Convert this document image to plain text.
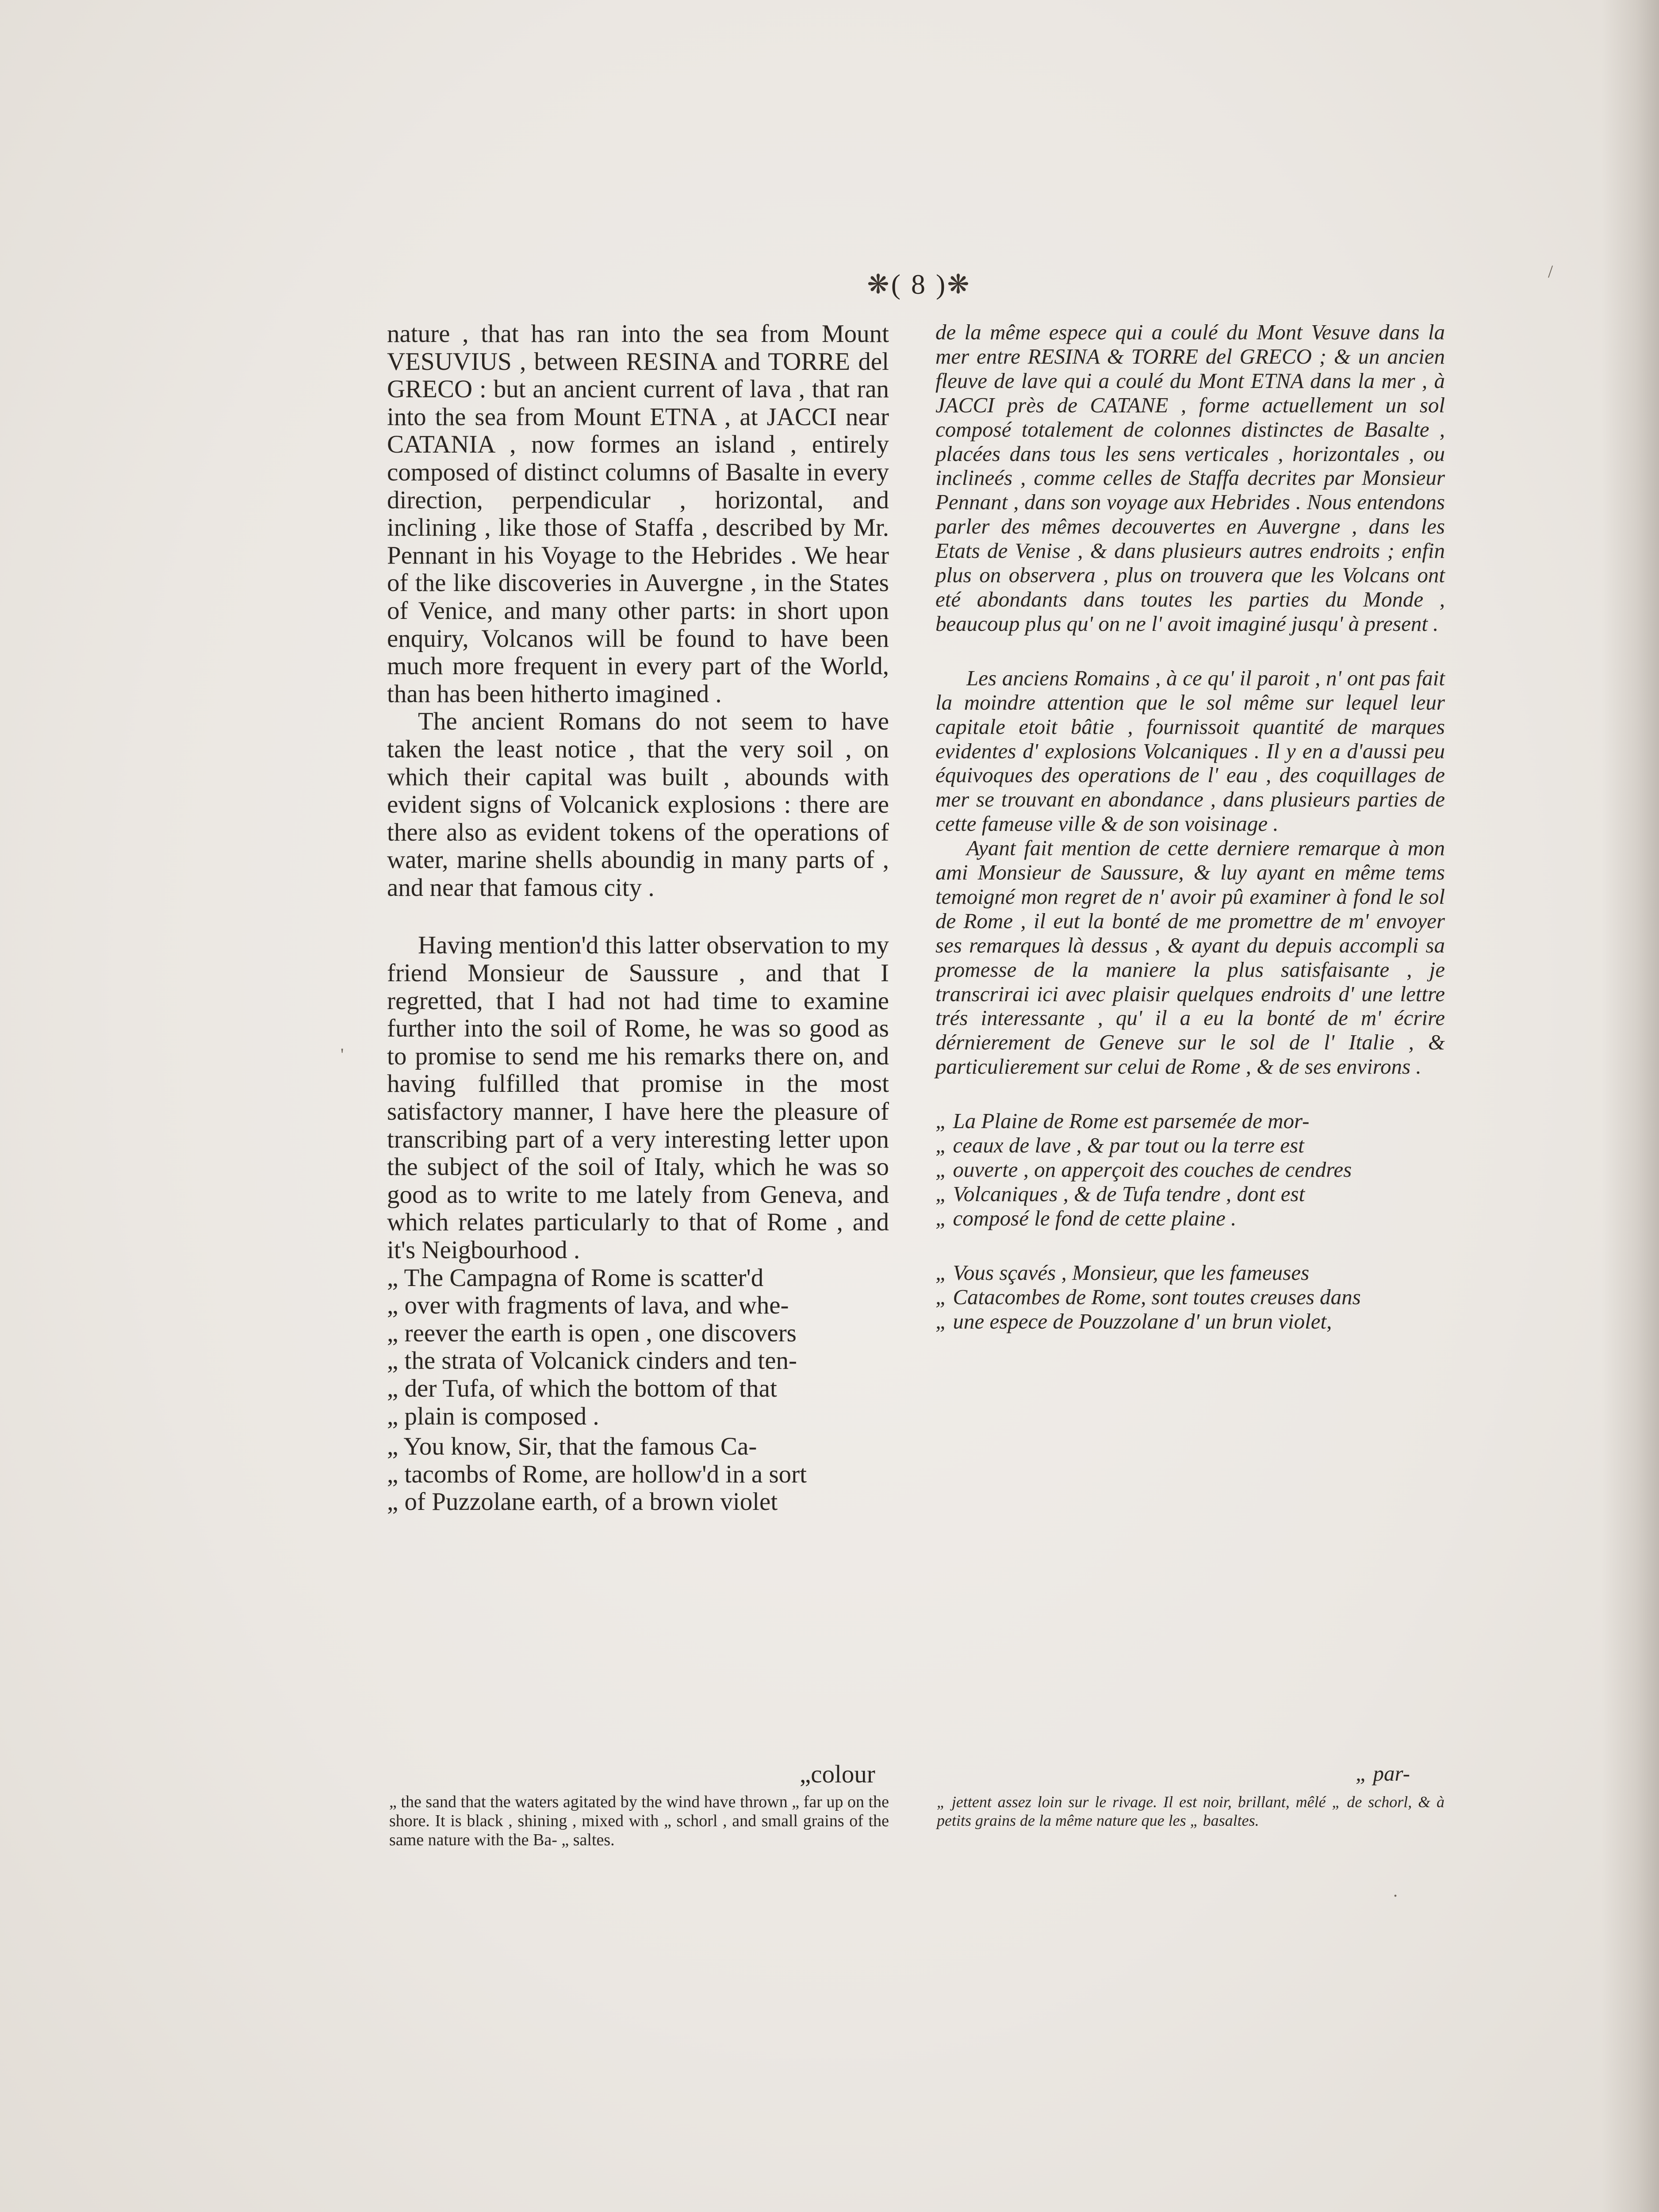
❋ ( 8 ) ❋

nature , that has ran into the sea from Mount VESUVIUS , between RESINA and TORRE del GRECO : but an ancient current of lava , that ran into the sea from Mount ETNA , at JACCI near CATANIA , now formes an island , entirely composed of distinct columns of Basalte in every direction, perpendicular , horizontal, and inclining , like those of Staffa , described by Mr. Pennant in his Voyage to the Hebrides . We hear of the like discoveries in Auvergne , in the States of Venice, and many other parts: in short upon enquiry, Volcanos will be found to have been much more frequent in every part of the World, than has been hitherto imagined .

The ancient Romans do not seem to have taken the least notice , that the very soil , on which their capital was built , abounds with evident signs of Volcanick explosions : there are there also as evident tokens of the operations of water, marine shells aboundig in many parts of , and near that famous city .

Having mention'd this latter observation to my friend Monsieur de Saussure , and that I regretted, that I had not had time to examine further into the soil of Rome, he was so good as to promise to send me his remarks there on, and having fulfilled that promise in the most satisfactory manner, I have here the pleasure of transcribing part of a very interesting letter upon the subject of the soil of Italy, which he was so good as to write to me lately from Geneva, and which relates particularly to that of Rome , and it's Neigbourhood .

„ The Campagna of Rome is scatter'd
„ over with fragments of lava, and whe-
„ reever the earth is open , one discovers
„ the strata of Volcanick cinders and ten-
„ der Tufa, of which the bottom of that
„ plain is composed .
„ You know, Sir, that the famous Ca-
„ tacombs of Rome, are hollow'd in a sort
„ of Puzzolane earth, of a brown violet
„colour
„ the sand that the waters agitated by the wind have thrown „ far up on the shore. It is black , shining , mixed with „ schorl , and small grains of the same nature with the Ba- „ saltes.

de la même espece qui a coulé du Mont Vesuve dans la mer entre RESINA & TORRE del GRECO ; & un ancien fleuve de lave qui a coulé du Mont ETNA dans la mer , à JACCI près de CATANE , forme actuellement un sol composé totalement de colonnes distinctes de Basalte , placées dans tous les sens verticales , horizontales , ou inclineés , comme celles de Staffa decrites par Monsieur Pennant , dans son voyage aux Hebrides . Nous entendons parler des mêmes decouvertes en Auvergne , dans les Etats de Venise , & dans plusieurs autres endroits ; enfin plus on observera , plus on trouvera que les Volcans ont eté abondants dans toutes les parties du Monde , beaucoup plus qu' on ne l' avoit imaginé jusqu' à present .

Les anciens Romains , à ce qu' il paroit , n' ont pas fait la moindre attention que le sol même sur lequel leur capitale etoit bâtie , fournissoit quantité de marques evidentes d' explosions Volcaniques . Il y en a d'aussi peu équivoques des operations de l' eau , des coquillages de mer se trouvant en abondance , dans plusieurs parties de cette fameuse ville & de son voisinage .

Ayant fait mention de cette derniere remarque à mon ami Monsieur de Saussure, & luy ayant en même tems temoigné mon regret de n' avoir pû examiner à fond le sol de Rome , il eut la bonté de me promettre de m' envoyer ses remarques là dessus , & ayant du depuis accompli sa promesse de la maniere la plus satisfaisante , je transcrirai ici avec plaisir quelques endroits d' une lettre trés interessante , qu' il a eu la bonté de m' écrire dérnierement de Geneve sur le sol de l' Italie , & particulierement sur celui de Rome , & de ses environs .

„ La Plaine de Rome est parsemée de mor-
„ ceaux de lave , & par tout ou la terre est
„ ouverte , on apperçoit des couches de cendres
„ Volcaniques , & de Tufa tendre , dont est
„ composé le fond de cette plaine .
„ Vous sçavés , Monsieur, que les fameuses
„ Catacombes de Rome, sont toutes creuses dans
„ une espece de Pouzzolane d' un brun violet,
„ par-
„ jettent assez loin sur le rivage. Il est noir, brillant, mêlé „ de schorl, & à petits grains de la même nature que les „ basaltes.
/
'
.
